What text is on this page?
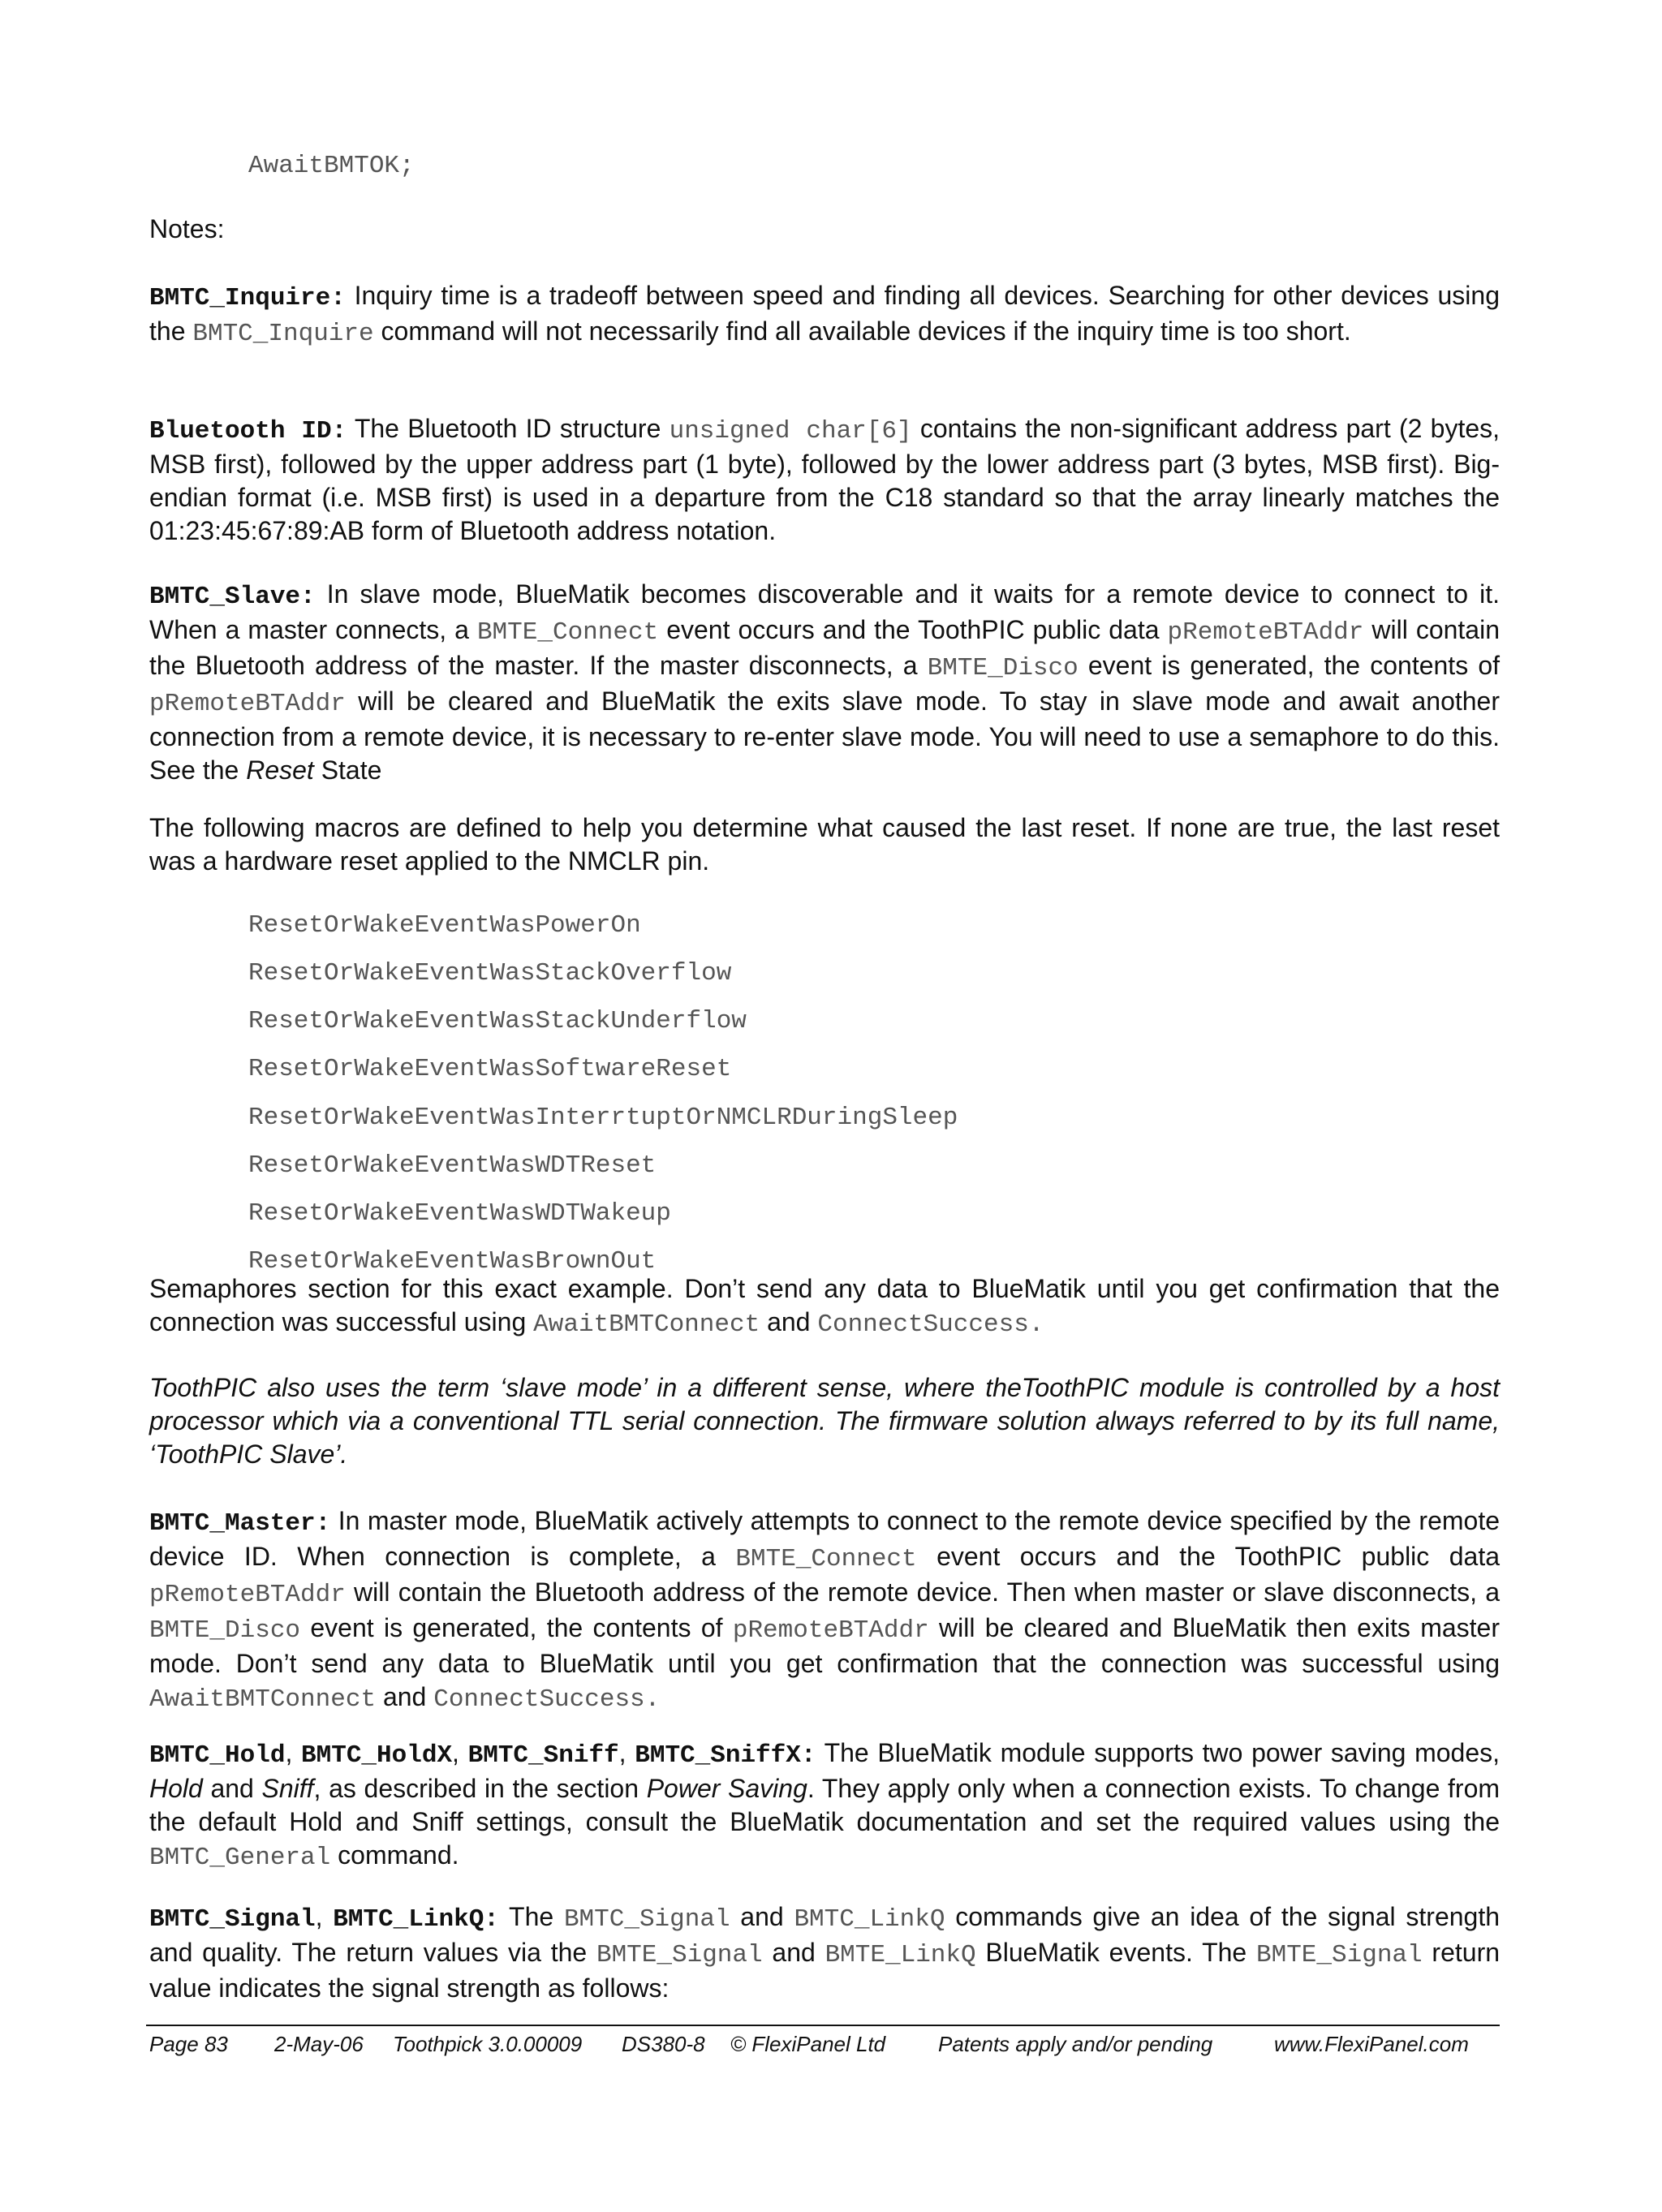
AwaitBMTOK;
Notes:

BMTC_Inquire: Inquiry time is a tradeoff between speed and finding all devices. Searching for other devices using the BMTC_Inquire command will not necessarily find all available devices if the inquiry time is too short.

Bluetooth ID: The Bluetooth ID structure unsigned char[6] contains the non-significant address part (2 bytes, MSB first), followed by the upper address part (1 byte), followed by the lower address part (3 bytes, MSB first). Big-endian format (i.e. MSB first) is used in a departure from the C18 standard so that the array linearly matches the 01:23:45:67:89:AB form of Bluetooth address notation.

BMTC_Slave: In slave mode, BlueMatik becomes discoverable and it waits for a remote device to connect to it. When a master connects, a BMTE_Connect event occurs and the ToothPIC public data pRemoteBTAddr will contain the Bluetooth address of the master. If the master disconnects, a BMTE_Disco event is generated, the contents of pRemoteBTAddr will be cleared and BlueMatik the exits slave mode. To stay in slave mode and await another connection from a remote device, it is necessary to re-enter slave mode. You will need to use a semaphore to do this. See the Reset State

The following macros are defined to help you determine what caused the last reset. If none are true, the last reset was a hardware reset applied to the NMCLR pin.

ResetOrWakeEventWasPowerOn
ResetOrWakeEventWasStackOverflow
ResetOrWakeEventWasStackUnderflow
ResetOrWakeEventWasSoftwareReset
ResetOrWakeEventWasInterrtuptOrNMCLRDuringSleep
ResetOrWakeEventWasWDTReset
ResetOrWakeEventWasWDTWakeup
ResetOrWakeEventWasBrownOut

Semaphores section for this exact example. Don’t send any data to BlueMatik until you get confirmation that the connection was successful using AwaitBMTConnect and ConnectSuccess.

ToothPIC also uses the term ‘slave mode’ in a different sense, where theToothPIC module is controlled by a host processor which via a conventional TTL serial connection. The firmware solution always referred to by its full name, ‘ToothPIC Slave’.

BMTC_Master: In master mode, BlueMatik actively attempts to connect to the remote device specified by the remote device ID. When connection is complete, a BMTE_Connect event occurs and the ToothPIC public data pRemoteBTAddr will contain the Bluetooth address of the remote device. Then when master or slave disconnects, a BMTE_Disco event is generated, the contents of pRemoteBTAddr will be cleared and BlueMatik then exits master mode. Don’t send any data to BlueMatik until you get confirmation that the connection was successful using AwaitBMTConnect and ConnectSuccess.

BMTC_Hold, BMTC_HoldX, BMTC_Sniff, BMTC_SniffX: The BlueMatik module supports two power saving modes, Hold and Sniff, as described in the section Power Saving. They apply only when a connection exists. To change from the default Hold and Sniff settings, consult the BlueMatik documentation and set the required values using the BMTC_General command.

BMTC_Signal, BMTC_LinkQ: The BMTC_Signal and BMTC_LinkQ commands give an idea of the signal strength and quality. The return values via the BMTE_Signal and BMTE_LinkQ BlueMatik events. The BMTE_Signal return value indicates the signal strength as follows:

Page 83 2-May-06 Toothpick 3.0.00009 DS380-8 © FlexiPanel Ltd Patents apply and/or pending	www.FlexiPanel.com
